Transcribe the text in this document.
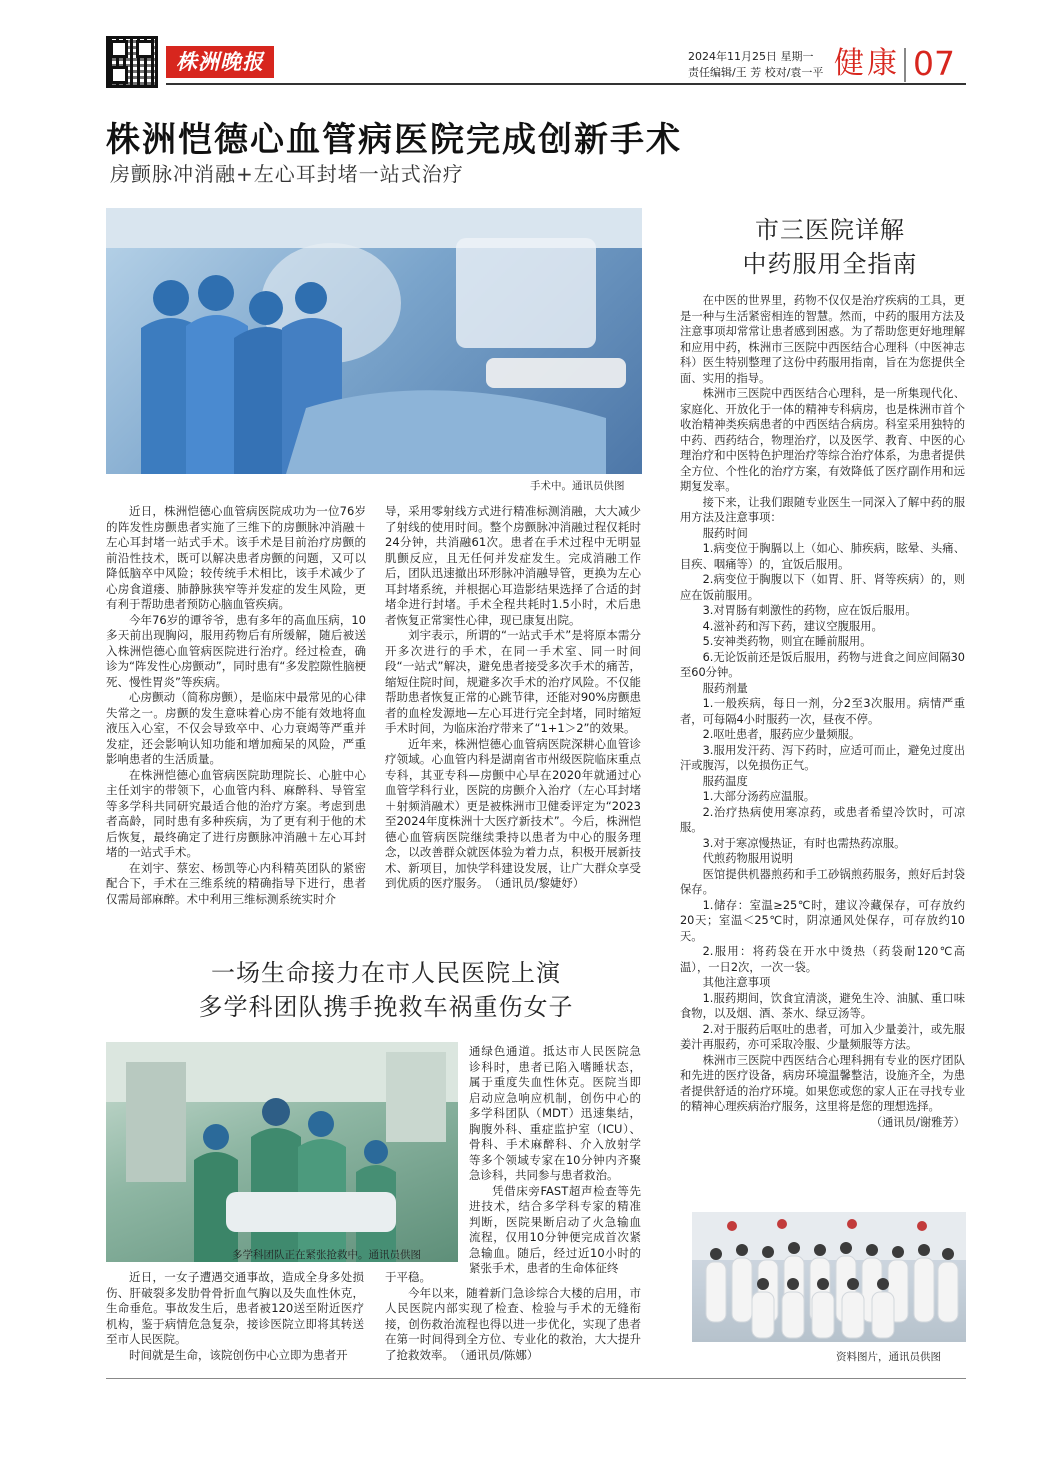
株洲晚报	2024年11月25日 星期一
责任编辑/王 芳 校对/袁一平 健康 07
株洲恺德心血管病医院完成创新手术
房颤脉冲消融+左心耳封堵一站式治疗
手术中。通讯员供图

近日，株洲恺德心血管病医院成功为一位76岁的阵发性房颤患者实施了三维下的房颤脉冲消融＋左心耳封堵一站式手术。该手术是目前治疗房颤的前沿性技术，既可以解决患者房颤的问题，又可以降低脑卒中风险；较传统手术相比，该手术减少了心房食道瘘、肺静脉狭窄等并发症的发生风险，更有利于帮助患者预防心脑血管疾病。

今年76岁的谭爷爷，患有多年的高血压病，10多天前出现胸闷，服用药物后有所缓解，随后被送入株洲恺德心血管病医院进行治疗。经过检查，确诊为“阵发性心房颤动”，同时患有“多发腔隙性脑梗死、慢性胃炎”等疾病。

心房颤动（简称房颤），是临床中最常见的心律失常之一。房颤的发生意味着心房不能有效地将血液压入心室，不仅会导致卒中、心力衰竭等严重并发症，还会影响认知功能和增加痴呆的风险，严重影响患者的生活质量。

在株洲恺德心血管病医院助理院长、心脏中心主任刘宇的带领下，心血管内科、麻醉科、导管室等多学科共同研究最适合他的治疗方案。考虑到患者高龄，同时患有多种疾病，为了更有利于他的术后恢复，最终确定了进行房颤脉冲消融＋左心耳封堵的一站式手术。

在刘宇、蔡宏、杨凯等心内科精英团队的紧密配合下，手术在三维系统的精确指导下进行，患者仅需局部麻醉。术中利用三维标测系统实时介

导，采用零射线方式进行精准标测消融，大大减少了射线的使用时间。整个房颤脉冲消融过程仅耗时24分钟，共消融61次。患者在手术过程中无明显肌颤反应，且无任何并发症发生。完成消融工作后，团队迅速撤出环形脉冲消融导管，更换为左心耳封堵系统，并根据心耳造影结果选择了合适的封堵伞进行封堵。手术全程共耗时1.5小时，术后患者恢复正常窦性心律，现已康复出院。

刘宇表示，所谓的“一站式手术”是将原本需分开多次进行的手术，在同一手术室、同一时间段“一站式”解决，避免患者接受多次手术的痛苦，缩短住院时间，规避多次手术的治疗风险。不仅能帮助患者恢复正常的心跳节律，还能对90%房颤患者的血栓发源地—左心耳进行完全封堵，同时缩短手术时间，为临床治疗带来了“1+1＞2”的效果。

近年来，株洲恺德心血管病医院深耕心血管诊疗领域。心血管内科是湖南省市州级医院临床重点专科，其亚专科—房颤中心早在2020年就通过心血管学科行业，医院的房颤介入治疗（左心耳封堵＋射频消融术）更是被株洲市卫健委评定为“2023至2024年度株洲十大医疗新技术”。今后，株洲恺德心血管病医院继续秉持以患者为中心的服务理念，以改善群众就医体验为着力点，积极开展新技术、新项目，加快学科建设发展，让广大群众享受到优质的医疗服务。　（通讯员/黎婕妤）

市三医院详解
中药服用全指南

在中医的世界里，药物不仅仅是治疗疾病的工具，更是一种与生活紧密相连的智慧。然而，中药的服用方法及注意事项却常常让患者感到困惑。为了帮助您更好地理解和应用中药，株洲市三医院中西医结合心理科（中医神志科）医生特别整理了这份中药服用指南，旨在为您提供全面、实用的指导。

株洲市三医院中西医结合心理科，是一所集现代化、家庭化、开放化于一体的精神专科病房，也是株洲市首个收治精神类疾病患者的中西医结合病房。科室采用独特的中药、西药结合，物理治疗，以及医学、教育、中医的心理治疗和中医特色护理治疗等综合治疗体系，为患者提供全方位、个性化的治疗方案，有效降低了医疗副作用和远期复发率。

接下来，让我们跟随专业医生一同深入了解中药的服用方法及注意事项：

服药时间

1.病变位于胸膈以上（如心、肺疾病，眩晕、头痛、目疾、咽痛等）的，宜饭后服用。

2.病变位于胸腹以下（如胃、肝、肾等疾病）的，则应在饭前服用。

3.对胃肠有刺激性的药物，应在饭后服用。

4.滋补药和泻下药，建议空腹服用。

5.安神类药物，则宜在睡前服用。

6.无论饭前还是饭后服用，药物与进食之间应间隔30至60分钟。

服药剂量

1.一般疾病，每日一剂，分2至3次服用。病情严重者，可每隔4小时服药一次，昼夜不停。

2.呕吐患者，服药应少量频服。

3.服用发汗药、泻下药时，应适可而止，避免过度出汗或腹泻，以免损伤正气。

服药温度

1.大部分汤药应温服。

2.治疗热病使用寒凉药，或患者希望冷饮时，可凉服。

3.对于寒凉慢热证，有时也需热药凉服。

代煎药物服用说明

医馆提供机器煎药和手工砂锅煎药服务，煎好后封袋保存。

1.储存：室温≥25℃时，建议冷藏保存，可存放约20天；室温＜25℃时，阴凉通风处保存，可存放约10天。

2.服用：将药袋在开水中烫热（药袋耐120℃高温），一日2次，一次一袋。

其他注意事项

1.服药期间，饮食宜清淡，避免生冷、油腻、重口味食物，以及烟、酒、茶水、绿豆汤等。

2.对于服药后呕吐的患者，可加入少量姜汁，或先服姜汁再服药，亦可采取冷服、少量频服等方法。

株洲市三医院中西医结合心理科拥有专业的医疗团队和先进的医疗设备，病房环境温馨整洁，设施齐全，为患者提供舒适的治疗环境。如果您或您的家人正在寻找专业的精神心理疾病治疗服务，这里将是您的理想选择。

（通讯员/谢雅芳）

资料图片，通讯员供图
一场生命接力在市人民医院上演
多学科团队携手挽救车祸重伤女子
多学科团队正在紧张抢救中。通讯员供图

通绿色通道。抵达市人民医院急诊科时，患者已陷入嗜睡状态，属于重度失血性休克。医院当即启动应急响应机制，创伤中心的多学科团队（MDT）迅速集结，胸腹外科、重症监护室（ICU）、骨科、手术麻醉科、介入放射学等多个领域专家在10分钟内齐聚急诊科，共同参与患者救治。

凭借床旁FAST超声检查等先进技术，结合多学科专家的精准判断，医院果断启动了火急输血流程，仅用10分钟便完成首次紧急输血。随后，经过近10小时的紧张手术，患者的生命体征终

近日，一女子遭遇交通事故，造成全身多处损伤、肝破裂多发肋骨骨折血气胸以及失血性休克，生命垂危。事故发生后，患者被120送至附近医疗机构，鉴于病情危急复杂，接诊医院立即将其转送至市人民医院。

时间就是生命，该院创伤中心立即为患者开

于平稳。

今年以来，随着新门急诊综合大楼的启用，市人民医院内部实现了检查、检验与手术的无缝衔接，创伤救治流程也得以进一步优化，实现了患者在第一时间得到全方位、专业化的救治，大大提升了抢救效率。　（通讯员/陈娜）
